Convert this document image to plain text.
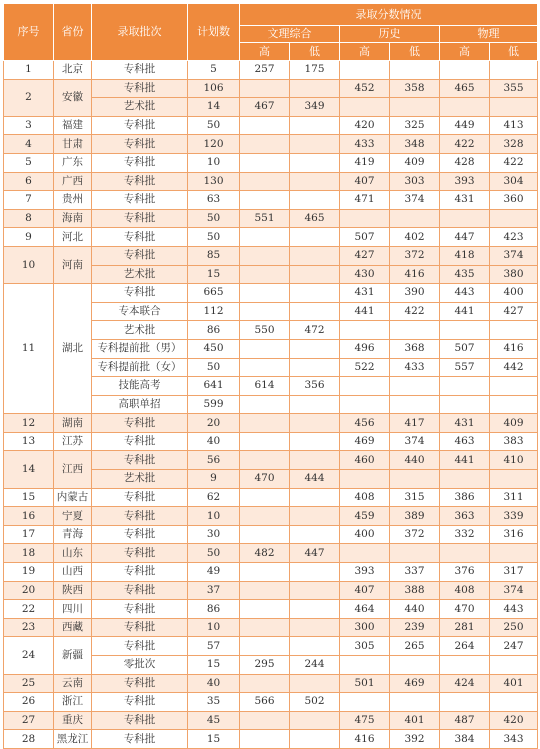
序号	省份	录取批次	计划数	录取分数情况					
				文理综合		历史		物理	
				高	低	高	低	高	低
1	北京	专科批	5	257	175				
2	安徽	专科批	106			452	358	465	355
		艺术批	14	467	349				
3	福建	专科批	50			420	325	449	413
4	甘肃	专科批	120			433	348	422	328
5	广东	专科批	10			419	409	428	422
6	广西	专科批	130			407	303	393	304
7	贵州	专科批	63			471	374	431	360
8	海南	专科批	50	551	465				
9	河北	专科批	50			507	402	447	423
10	河南	专科批	85			427	372	418	374
		艺术批	15			430	416	435	380
11	湖北	专科批	665			431	390	443	400
		专本联合	112			441	422	441	427
		艺术批	86	550	472				
		专科提前批（男）	450			496	368	507	416
		专科提前批（女）	50			522	433	557	442
		技能高考	641	614	356				
		高职单招	599						
12	湖南	专科批	20			456	417	431	409
13	江苏	专科批	40			469	374	463	383
14	江西	专科批	56			460	440	441	410
		艺术批	9	470	444				
15	内蒙古	专科批	62			408	315	386	311
16	宁夏	专科批	10			459	389	363	339
17	青海	专科批	30			400	372	332	316
18	山东	专科批	50	482	447				
19	山西	专科批	49			393	337	376	317
20	陕西	专科批	37			407	388	408	374
22	四川	专科批	86			464	440	470	443
23	西藏	专科批	10			300	239	281	250
24	新疆	专科批	57			305	265	264	247
		零批次	15	295	244				
25	云南	专科批	40			501	469	424	401
26	浙江	专科批	35	566	502				
27	重庆	专科批	45			475	401	487	420
28	黑龙江	专科批	15			416	392	384	343
